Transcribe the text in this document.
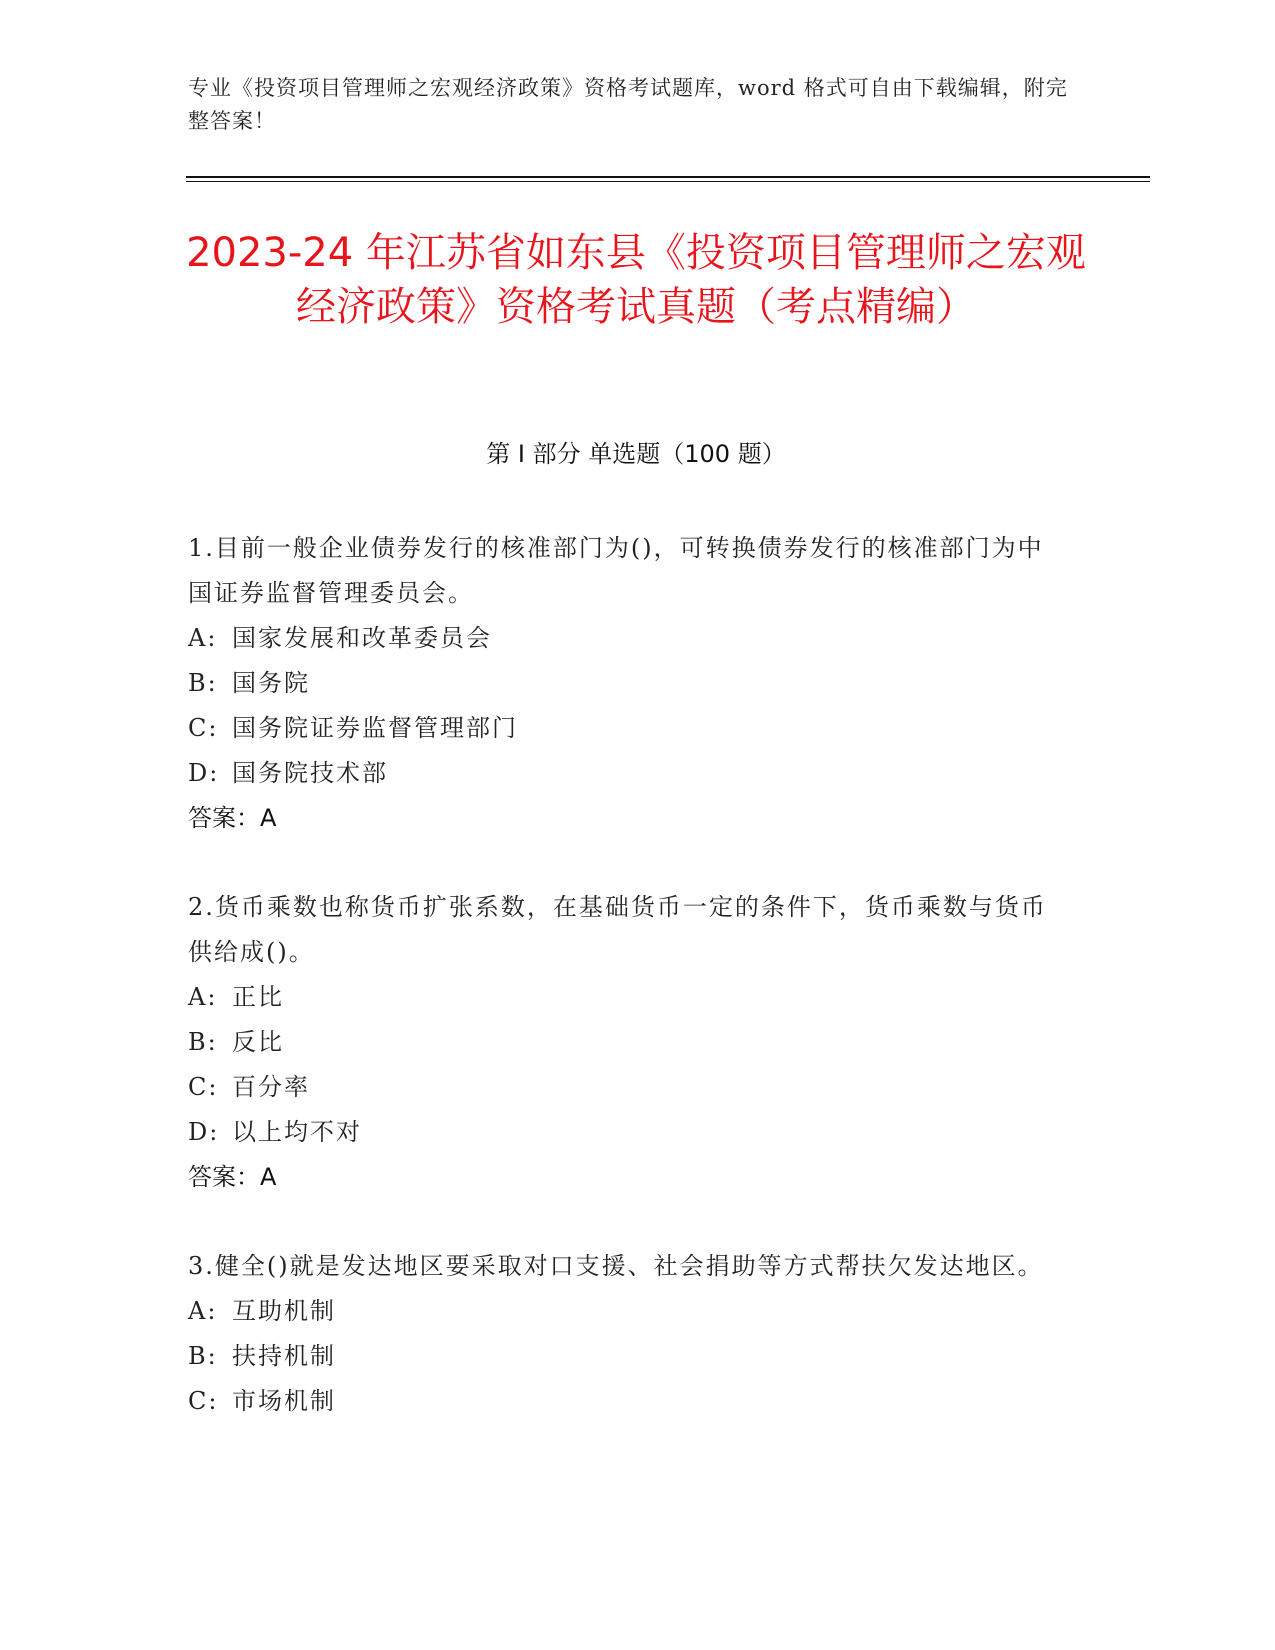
专业《投资项目管理师之宏观经济政策》资格考试题库，word 格式可自由下载编辑，附完整答案！
2023-24 年江苏省如东县《投资项目管理师之宏观经济政策》资格考试真题（考点精编）
第 I 部分 单选题（100 题）
1.目前一般企业债券发行的核准部门为()，可转换债券发行的核准部门为中国证券监督管理委员会。
A: 国家发展和改革委员会
B: 国务院
C: 国务院证券监督管理部门
D: 国务院技术部
答案：A
2.货币乘数也称货币扩张系数，在基础货币一定的条件下，货币乘数与货币供给成()。
A: 正比
B: 反比
C: 百分率
D: 以上均不对
答案：A
3.健全()就是发达地区要采取对口支援、社会捐助等方式帮扶欠发达地区。
A: 互助机制
B: 扶持机制
C: 市场机制
